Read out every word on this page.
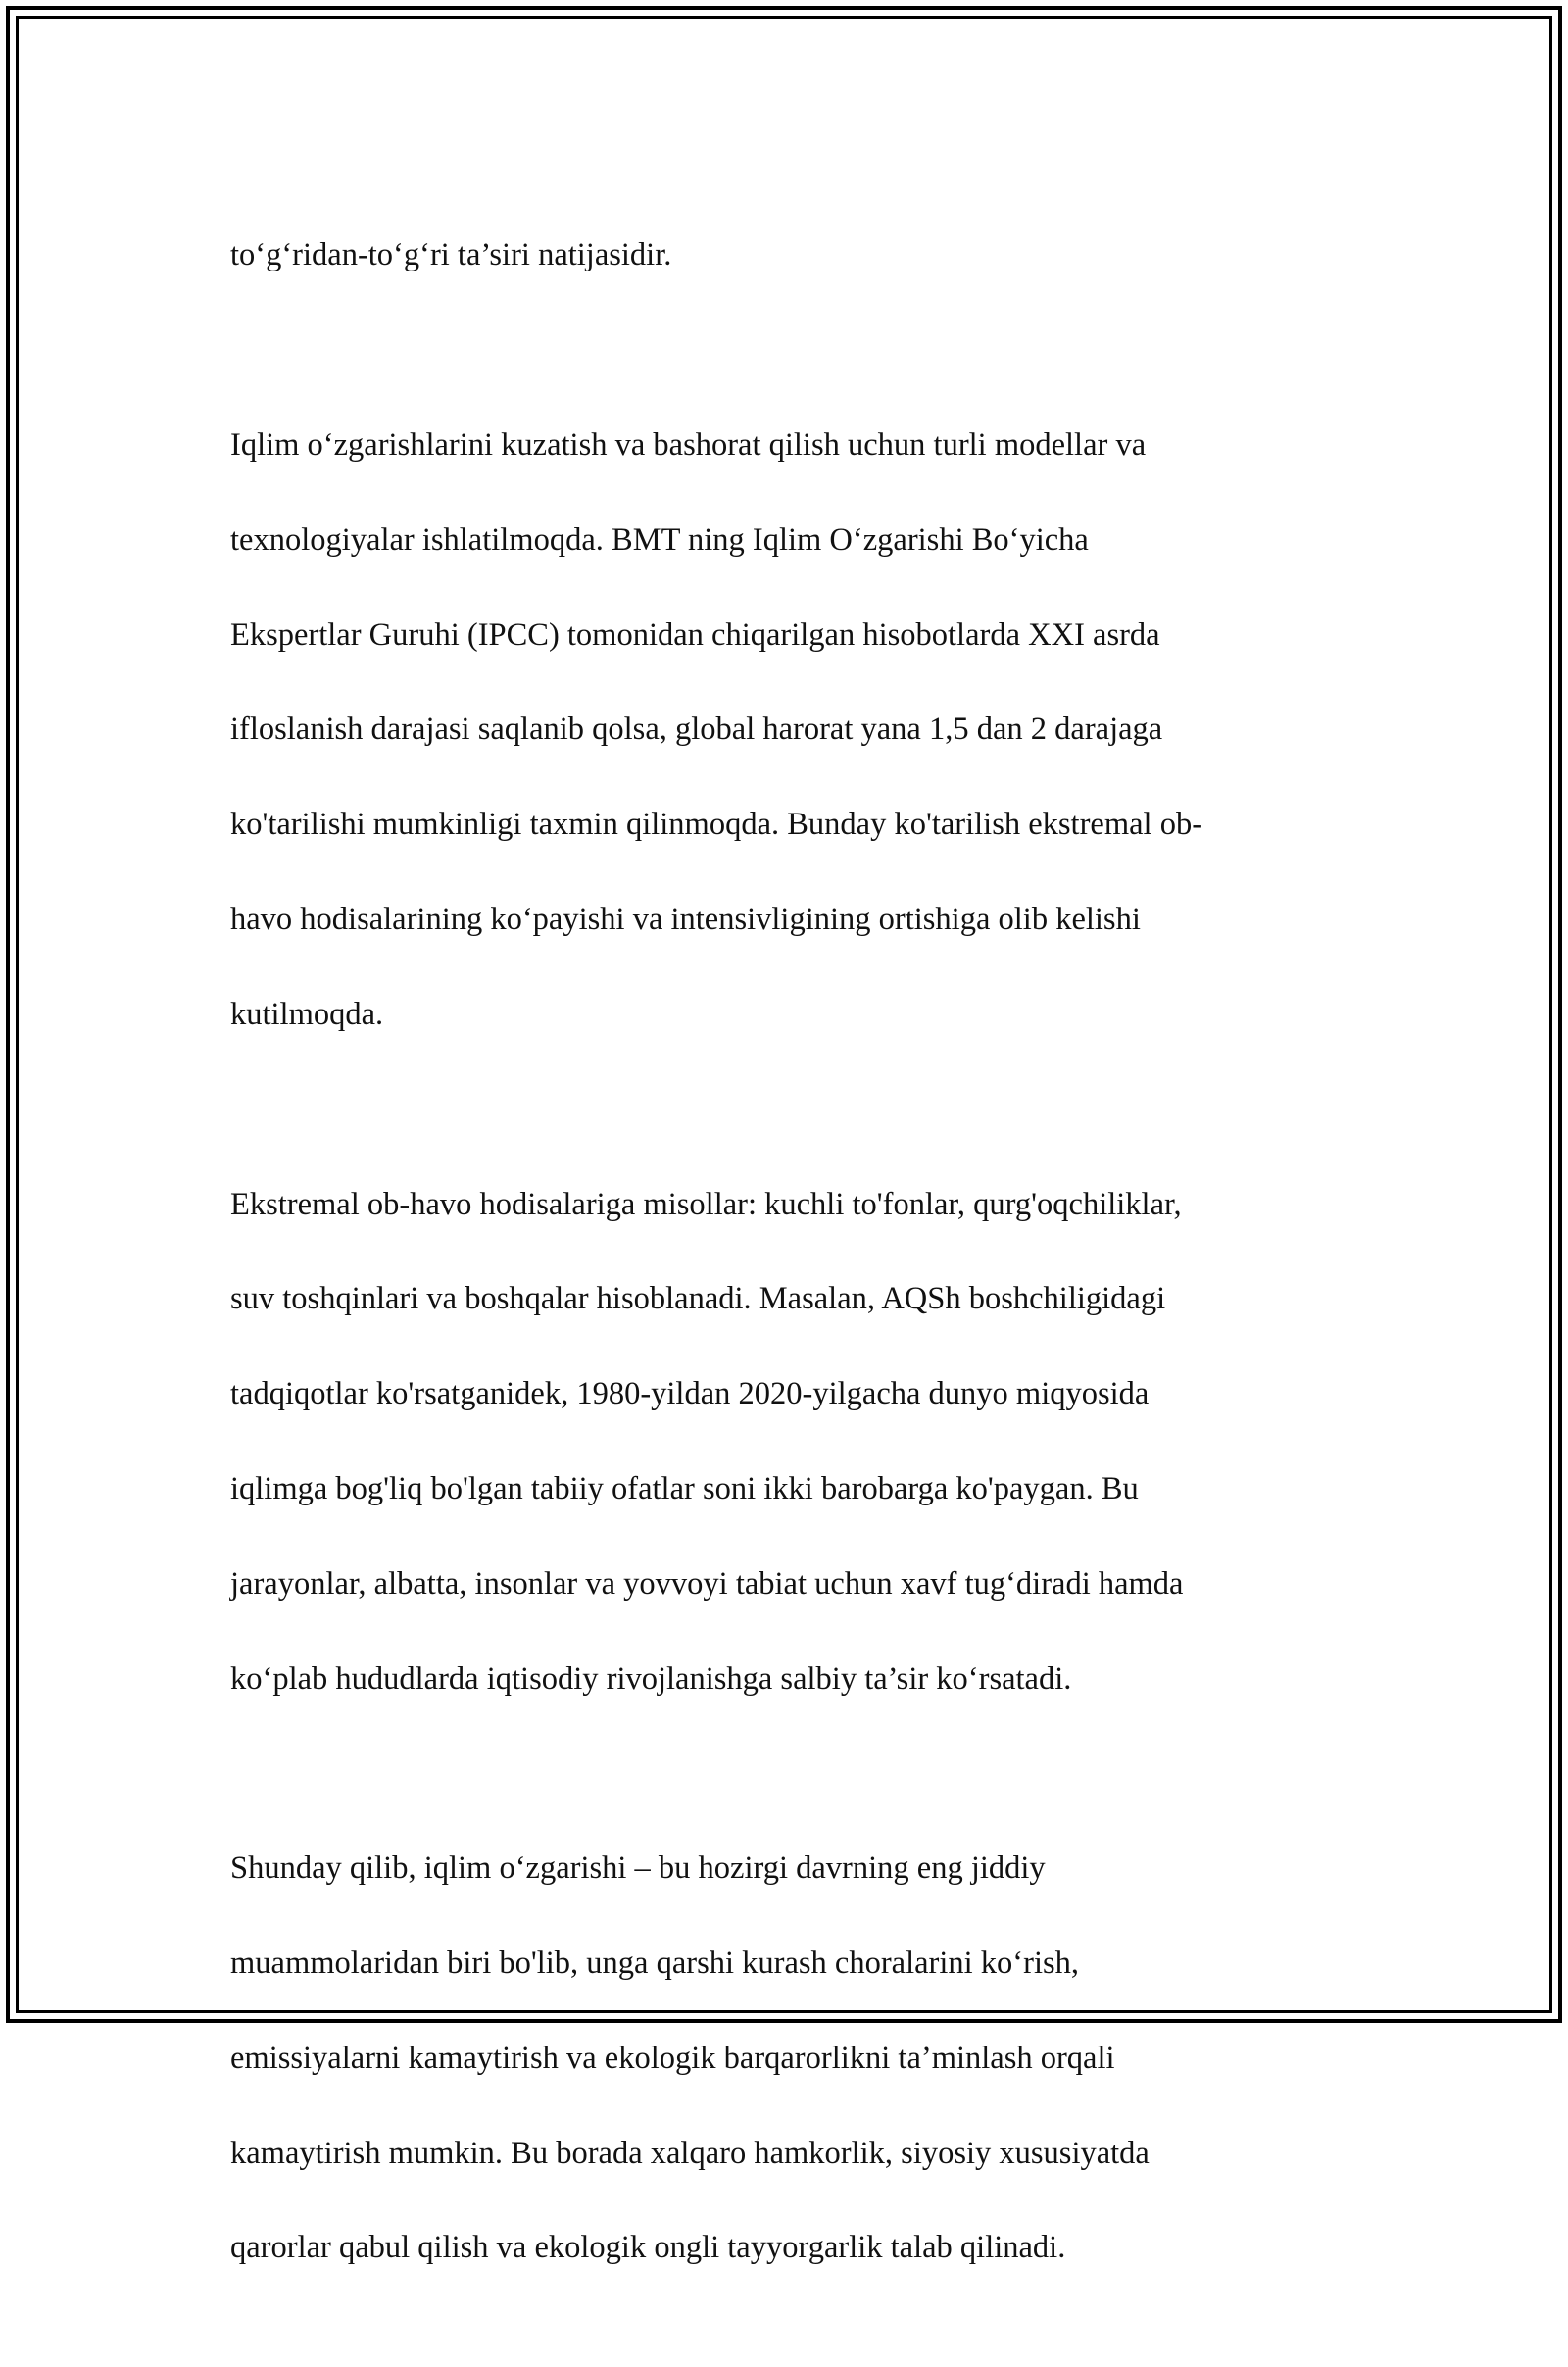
to‘g‘ridan-to‘g‘ri ta’siri natijasidir.

Iqlim o‘zgarishlarini kuzatish va bashorat qilish uchun turli modellar va

texnologiyalar ishlatilmoqda. BMT ning Iqlim O‘zgarishi Bo‘yicha

Ekspertlar Guruhi (IPCC) tomonidan chiqarilgan hisobotlarda XXI asrda

ifloslanish darajasi saqlanib qolsa, global harorat yana 1,5 dan 2 darajaga

ko'tarilishi mumkinligi taxmin qilinmoqda. Bunday ko'tarilish ekstremal ob-

havo hodisalarining ko‘payishi va intensivligining ortishiga olib kelishi

kutilmoqda.

Ekstremal ob-havo hodisalariga misollar: kuchli to'fonlar, qurg'oqchiliklar,

suv toshqinlari va boshqalar hisoblanadi. Masalan, AQSh boshchiligidagi

tadqiqotlar ko'rsatganidek, 1980-yildan 2020-yilgacha dunyo miqyosida

iqlimga bog'liq bo'lgan tabiiy ofatlar soni ikki barobarga ko'paygan. Bu

jarayonlar, albatta, insonlar va yovvoyi tabiat uchun xavf tug‘diradi hamda

ko‘plab hududlarda iqtisodiy rivojlanishga salbiy ta’sir ko‘rsatadi.

Shunday qilib, iqlim o‘zgarishi – bu hozirgi davrning eng jiddiy

muammolaridan biri bo'lib, unga qarshi kurash choralarini ko‘rish,

emissiyalarni kamaytirish va ekologik barqarorlikni ta’minlash orqali

kamaytirish mumkin. Bu borada xalqaro hamkorlik, siyosiy xususiyatda

qarorlar qabul qilish va ekologik ongli tayyorgarlik talab qilinadi.
